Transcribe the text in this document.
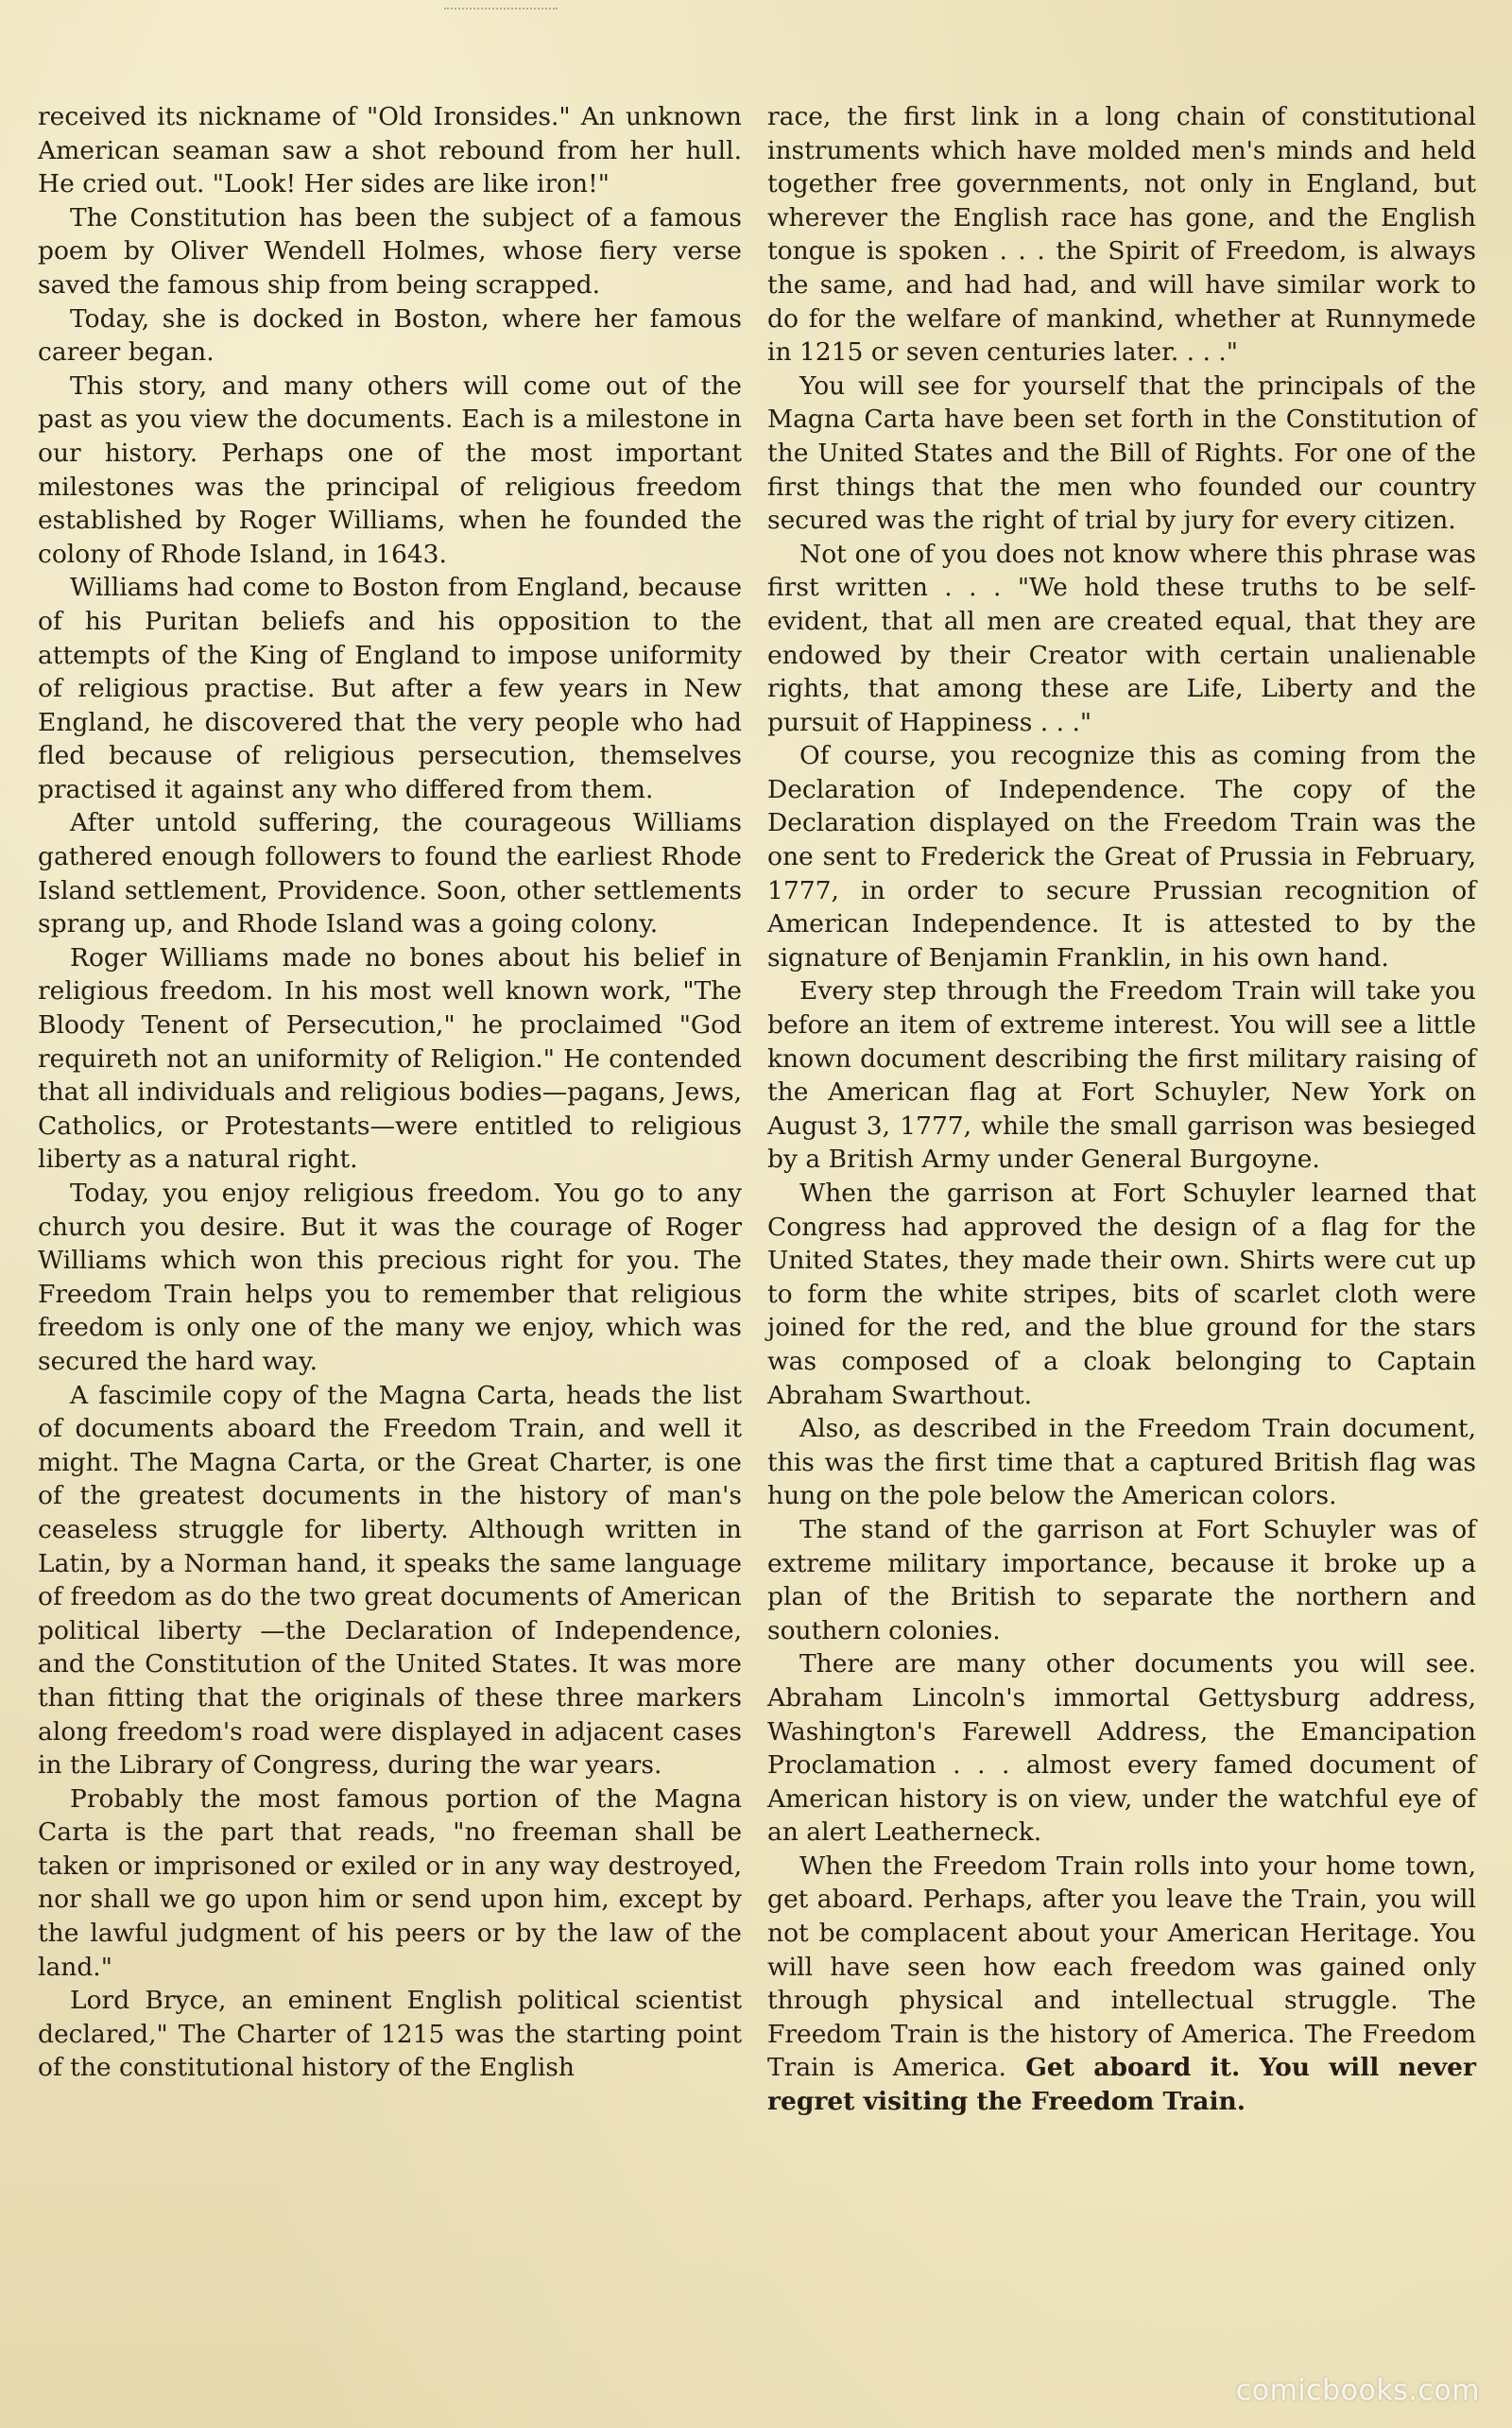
received its nickname of "Old Ironsides." An unknown American seaman saw a shot rebound from her hull. He cried out. "Look! Her sides are like iron!"

The Constitution has been the subject of a famous poem by Oliver Wendell Holmes, whose fiery verse saved the famous ship from being scrapped.

Today, she is docked in Boston, where her famous career began.

This story, and many others will come out of the past as you view the documents. Each is a milestone in our history. Perhaps one of the most important milestones was the principal of religious freedom established by Roger Williams, when he founded the colony of Rhode Island, in 1643.

Williams had come to Boston from England, because of his Puritan beliefs and his opposition to the attempts of the King of England to impose uniformity of religious practise. But after a few years in New England, he discovered that the very people who had fled because of religious persecution, themselves practised it against any who differed from them.

After untold suffering, the courageous Williams gathered enough followers to found the earliest Rhode Island settlement, Providence. Soon, other settlements sprang up, and Rhode Island was a going colony.

Roger Williams made no bones about his belief in religious freedom. In his most well known work, "The Bloody Tenent of Persecution," he proclaimed "God requireth not an uniformity of Religion." He contended that all individuals and religious bodies—pagans, Jews, Catholics, or Protestants—were entitled to religious liberty as a natural right.

Today, you enjoy religious freedom. You go to any church you desire. But it was the courage of Roger Williams which won this precious right for you. The Freedom Train helps you to remember that religious freedom is only one of the many we enjoy, which was secured the hard way.

A fascimile copy of the Magna Carta, heads the list of documents aboard the Freedom Train, and well it might. The Magna Carta, or the Great Charter, is one of the greatest documents in the history of man's ceaseless struggle for liberty. Although written in Latin, by a Norman hand, it speaks the same language of freedom as do the two great documents of American political liberty —the Declaration of Independence, and the Constitution of the United States. It was more than fitting that the originals of these three markers along freedom's road were displayed in adjacent cases in the Library of Congress, during the war years.

Probably the most famous portion of the Magna Carta is the part that reads, "no freeman shall be taken or imprisoned or exiled or in any way destroyed, nor shall we go upon him or send upon him, except by the lawful judgment of his peers or by the law of the land."

Lord Bryce, an eminent English political scientist declared," The Charter of 1215 was the starting point of the constitutional history of the English

race, the first link in a long chain of constitutional instruments which have molded men's minds and held together free governments, not only in England, but wherever the English race has gone, and the English tongue is spoken . . . the Spirit of Freedom, is always the same, and had had, and will have similar work to do for the welfare of mankind, whether at Runnymede in 1215 or seven centuries later. . . ."

You will see for yourself that the principals of the Magna Carta have been set forth in the Constitution of the United States and the Bill of Rights. For one of the first things that the men who founded our country secured was the right of trial by jury for every citizen.

Not one of you does not know where this phrase was first written . . . "We hold these truths to be self-evident, that all men are created equal, that they are endowed by their Creator with certain unalienable rights, that among these are Life, Liberty and the pursuit of Happiness . . ."

Of course, you recognize this as coming from the Declaration of Independence. The copy of the Declaration displayed on the Freedom Train was the one sent to Frederick the Great of Prussia in February, 1777, in order to secure Prussian recognition of American Independence. It is attested to by the signature of Benjamin Franklin, in his own hand.

Every step through the Freedom Train will take you before an item of extreme interest. You will see a little known document describing the first military raising of the American flag at Fort Schuyler, New York on August 3, 1777, while the small garrison was besieged by a British Army under General Burgoyne.

When the garrison at Fort Schuyler learned that Congress had approved the design of a flag for the United States, they made their own. Shirts were cut up to form the white stripes, bits of scarlet cloth were joined for the red, and the blue ground for the stars was composed of a cloak belonging to Captain Abraham Swarthout.

Also, as described in the Freedom Train document, this was the first time that a captured British flag was hung on the pole below the American colors.

The stand of the garrison at Fort Schuyler was of extreme military importance, because it broke up a plan of the British to separate the northern and southern colonies.

There are many other documents you will see. Abraham Lincoln's immortal Gettysburg address, Washington's Farewell Address, the Emancipation Proclamation . . . almost every famed document of American history is on view, under the watchful eye of an alert Leatherneck.

When the Freedom Train rolls into your home town, get aboard. Perhaps, after you leave the Train, you will not be complacent about your American Heritage. You will have seen how each freedom was gained only through physical and intellectual struggle. The Freedom Train is the history of America. The Freedom Train is America. Get aboard it. You will never regret visiting the Freedom Train.

comicbooks.com
